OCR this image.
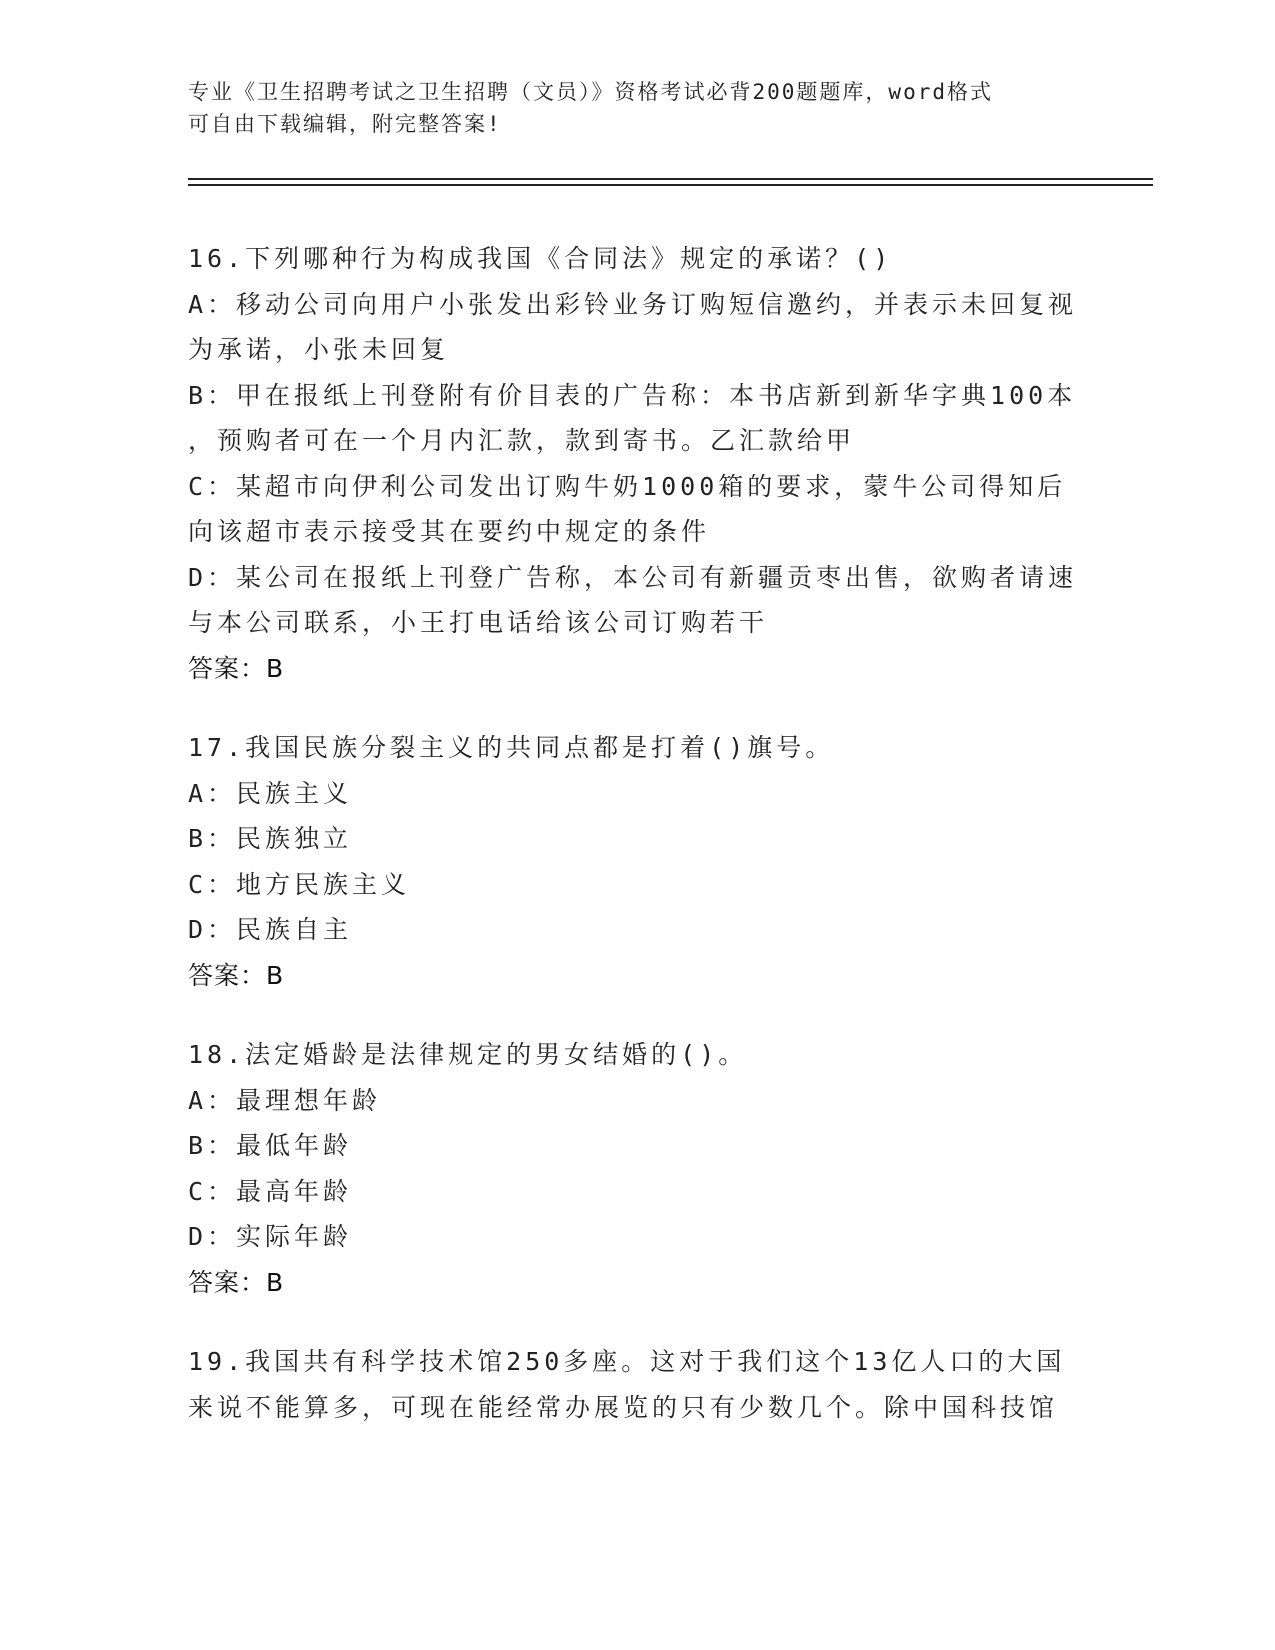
专业《卫生招聘考试之卫生招聘（文员）》资格考试必背200题题库，word格式
可自由下载编辑，附完整答案!
16.下列哪种行为构成我国《合同法》规定的承诺？()
A：移动公司向用户小张发出彩铃业务订购短信邀约，并表示未回复视
为承诺，小张未回复
B：甲在报纸上刊登附有价目表的广告称：本书店新到新华字典100本
，预购者可在一个月内汇款，款到寄书。乙汇款给甲
C：某超市向伊利公司发出订购牛奶1000箱的要求，蒙牛公司得知后
向该超市表示接受其在要约中规定的条件
D：某公司在报纸上刊登广告称，本公司有新疆贡枣出售，欲购者请速
与本公司联系，小王打电话给该公司订购若干
答案：B
17.我国民族分裂主义的共同点都是打着()旗号。
A：民族主义
B：民族独立
C：地方民族主义
D：民族自主
答案：B
18.法定婚龄是法律规定的男女结婚的()。
A：最理想年龄
B：最低年龄
C：最高年龄
D：实际年龄
答案：B
19.我国共有科学技术馆250多座。这对于我们这个13亿人口的大国
来说不能算多，可现在能经常办展览的只有少数几个。除中国科技馆
